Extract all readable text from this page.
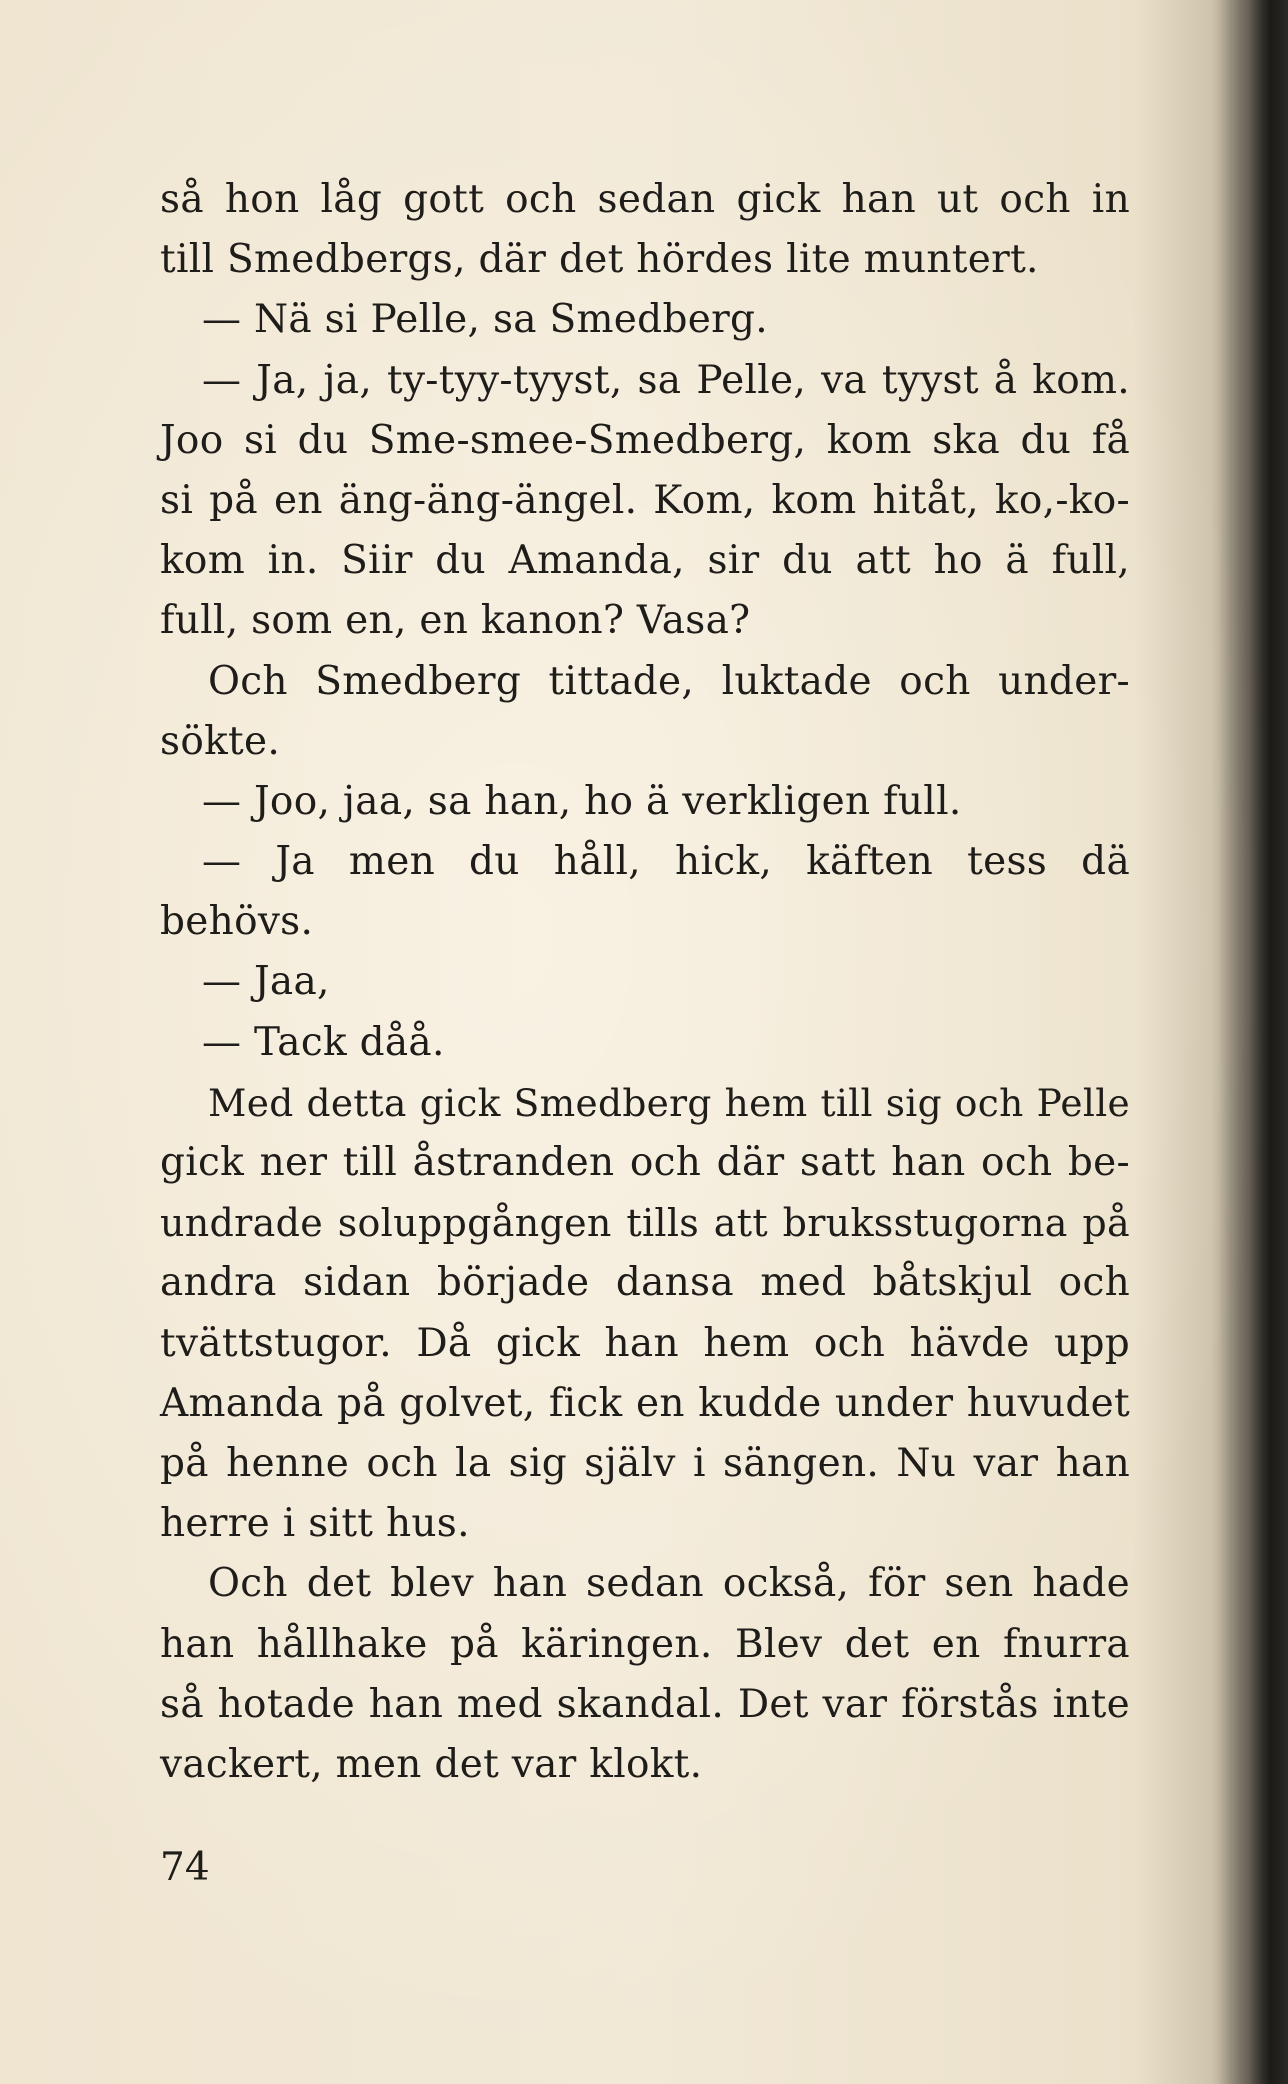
så hon låg gott och sedan gick han ut och in
till Smedbergs, där det hördes lite muntert.
— Nä si Pelle, sa Smedberg.
— Ja, ja, ty-tyy-tyyst, sa Pelle, va tyyst å kom.
Joo si du Sme-smee-Smedberg, kom ska du få
si på en äng-äng-ängel. Kom, kom hitåt, ko,-ko-
kom in. Siir du Amanda, sir du att ho ä full,
full, som en, en kanon? Vasa?
Och Smedberg tittade, luktade och under-
sökte.
— Joo, jaa, sa han, ho ä verkligen full.
— Ja men du håll, hick, käften tess dä
behövs.
— Jaa,
— Tack dåå.
Med detta gick Smedberg hem till sig och Pelle
gick ner till åstranden och där satt han och be-
undrade soluppgången tills att bruksstugorna på
andra sidan började dansa med båtskjul och
tvättstugor. Då gick han hem och hävde upp
Amanda på golvet, fick en kudde under huvudet
på henne och la sig själv i sängen. Nu var han
herre i sitt hus.
Och det blev han sedan också, för sen hade
han hållhake på käringen. Blev det en fnurra
så hotade han med skandal. Det var förstås inte
vackert, men det var klokt.
74
